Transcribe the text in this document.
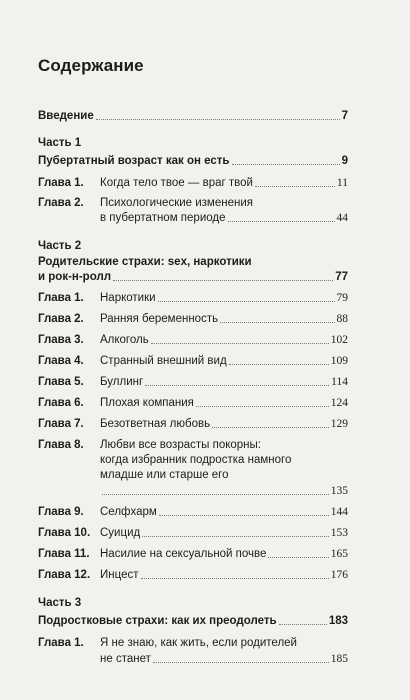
Содержание
Введение	7
Часть 1
Пубертатный возраст как он есть	9
Глава 1.	Когда тело твое — враг твой	11
Глава 2.	Психологические изменения
в пубертатном периоде	44
Часть 2
Родительские страхи: sex, наркотики
и рок-н-ролл	77
Глава 1.	Наркотики	79
Глава 2.	Ранняя беременность	88
Глава 3.	Алкоголь	102
Глава 4.	Странный внешний вид	109
Глава 5.	Буллинг	114
Глава 6.	Плохая компания	124
Глава 7.	Безответная любовь	129
Глава 8.	Любви все возрасты покорны:
когда избранник подростка намного
младше или старше его
135
Глава 9.	Селфхарм	144
Глава 10. Суицид	153
Глава 11. Насилие на сексуальной почве	165
Глава 12. Инцест	176
Часть 3
Подростковые страхи: как их преодолеть	183
Глава 1.	Я не знаю, как жить, если родителей
не станет	185
